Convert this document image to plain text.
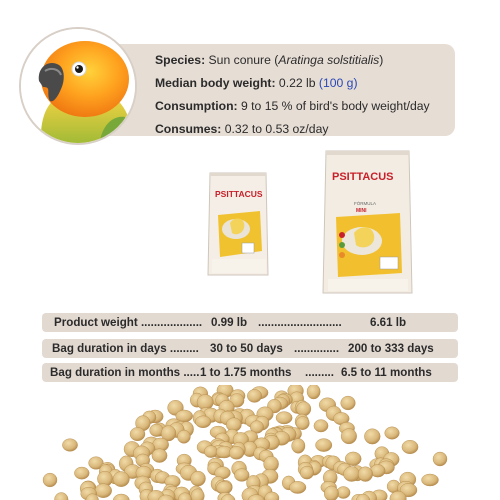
Species: Sun conure (Aratinga solstitialis)
Median body weight: 0.22 lb (100 g)
Consumption: 9 to 15 % of bird's body weight/day
Consumes: 0.32 to 0.53 oz/day
PSITTACUS
PSITTACUS
FÓRMULA
MINI
Product weight ................... 0.99 lb .......................... 6.61 lb
Bag duration in days ......... 30 to 50 days .............. 200 to 333 days
Bag duration in months ..... 1 to 1.75 months ......... 6.5 to 11 months
